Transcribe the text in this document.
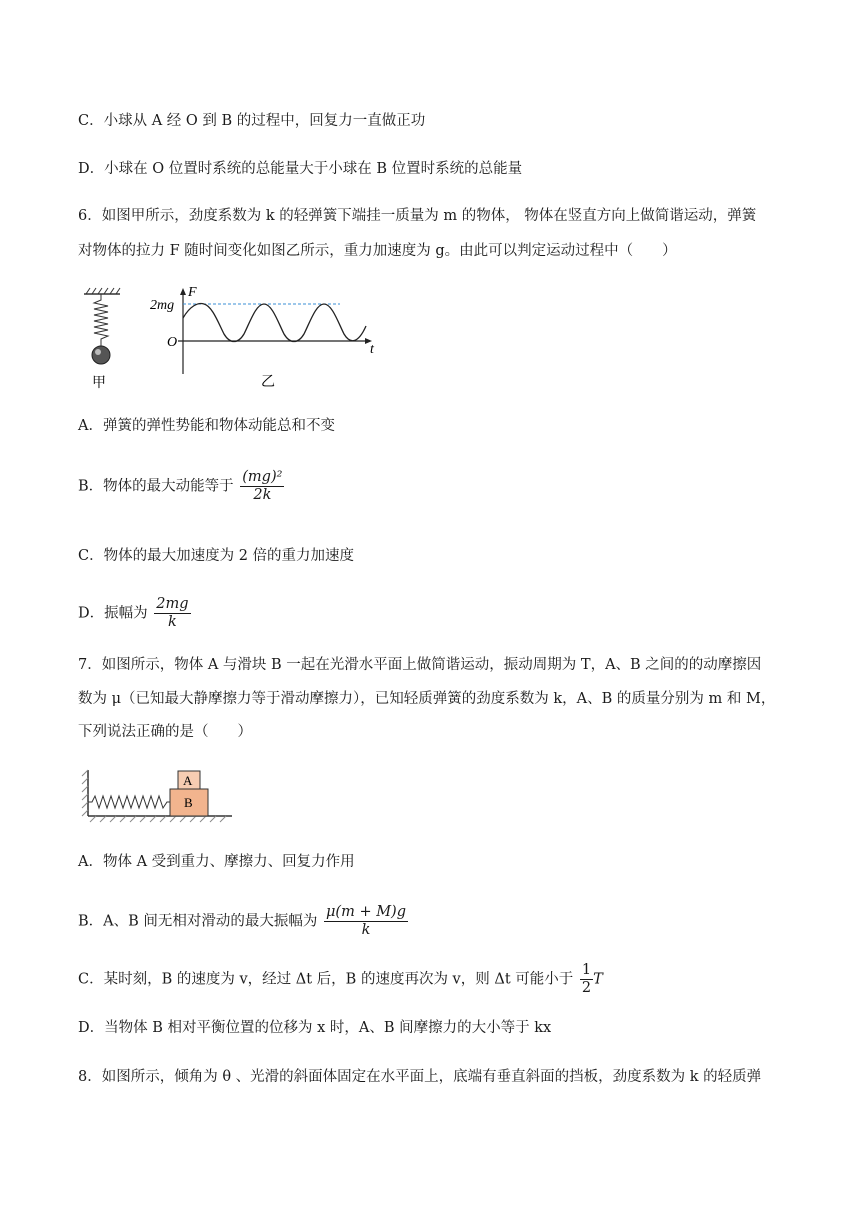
C．小球从 A 经 O 到 B 的过程中，回复力一直做正功
D．小球在 O 位置时系统的总能量大于小球在 B 位置时系统的总能量
6．如图甲所示，劲度系数为 k 的轻弹簧下端挂一质量为 m 的物体， 物体在竖直方向上做简谐运动，弹簧
对物体的拉力 F 随时间变化如图乙所示，重力加速度为 g。由此可以判定运动过程中（　　）
甲
F
t
O
2mg
乙
A．弹簧的弹性势能和物体动能总和不变
B．物体的最大动能等于 $\frac{\text{(mg)²}}{2k}$
C．物体的最大加速度为 2 倍的重力加速度
D．振幅为 $\frac{2mg}{k}$
7．如图所示，物体 A 与滑块 B 一起在光滑水平面上做简谐运动，振动周期为 T，A、B 之间的的动摩擦因
数为 μ（已知最大静摩擦力等于滑动摩擦力），已知轻质弹簧的劲度系数为 k，A、B 的质量分别为 m 和 M，
下列说法正确的是（　　）
A
B
A．物体 A 受到重力、摩擦力、回复力作用
B．A、B 间无相对滑动的最大振幅为 $\frac{\mu(m + M)g}{k}$
C．某时刻，B 的速度为 v，经过 Δt 后，B 的速度再次为 v，则 Δt 可能小于 $\frac{1}{2}$ T
D．当物体 B 相对平衡位置的位移为 x 时，A、B 间摩擦力的大小等于 kx
8．如图所示，倾角为 θ 、光滑的斜面体固定在水平面上，底端有垂直斜面的挡板，劲度系数为 k 的轻质弹
